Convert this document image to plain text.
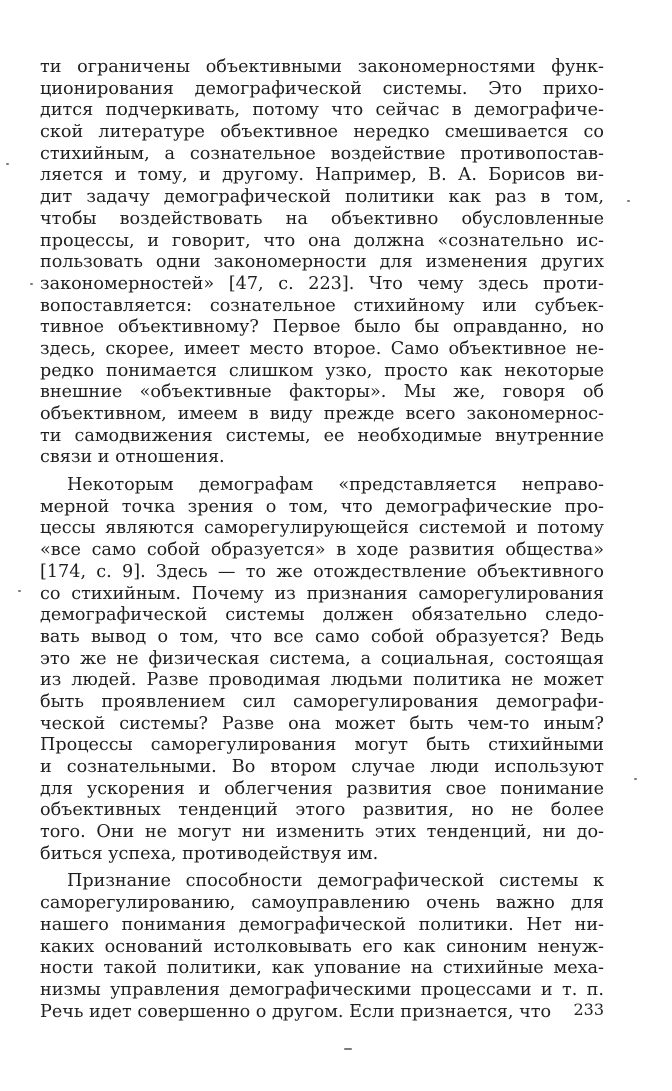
ти ограничены объективными закономерностями функ-
ционирования демографической системы. Это прихо-
дится подчеркивать, потому что сейчас в демографиче-
ской литературе объективное нередко смешивается со
стихийным, а сознательное воздействие противопостав-
ляется и тому, и другому. Например, В. А. Борисов ви-
дит задачу демографической политики как раз в том,
чтобы воздействовать на объективно обусловленные
процессы, и говорит, что она должна «сознательно ис-
пользовать одни закономерности для изменения других
закономерностей» [47, с. 223]. Что чему здесь проти-
вопоставляется: сознательное стихийному или субъек-
тивное объективному? Первое было бы оправданно, но
здесь, скорее, имеет место второе. Само объективное не-
редко понимается слишком узко, просто как некоторые
внешние «объективные факторы». Мы же, говоря об
объективном, имеем в виду прежде всего закономернос-
ти самодвижения системы, ее необходимые внутренние
связи и отношения.
Некоторым демографам «представляется неправо-
мерной точка зрения о том, что демографические про-
цессы являются саморегулирующейся системой и потому
«все само собой образуется» в ходе развития общества»
[174, с. 9]. Здесь — то же отождествление объективного
со стихийным. Почему из признания саморегулирования
демографической системы должен обязательно следо-
вать вывод о том, что все само собой образуется? Ведь
это же не физическая система, а социальная, состоящая
из людей. Разве проводимая людьми политика не может
быть проявлением сил саморегулирования демографи-
ческой системы? Разве она может быть чем-то иным?
Процессы саморегулирования могут быть стихийными
и сознательными. Во втором случае люди используют
для ускорения и облегчения развития свое понимание
объективных тенденций этого развития, но не более
того. Они не могут ни изменить этих тенденций, ни до-
биться успеха, противодействуя им.
Признание способности демографической системы к
саморегулированию, самоуправлению очень важно для
нашего понимания демографической политики. Нет ни-
каких оснований истолковывать его как синоним ненуж-
ности такой политики, как упование на стихийные меха-
низмы управления демографическими процессами и т. п.
Речь идет совершенно о другом. Если признается, что	233
